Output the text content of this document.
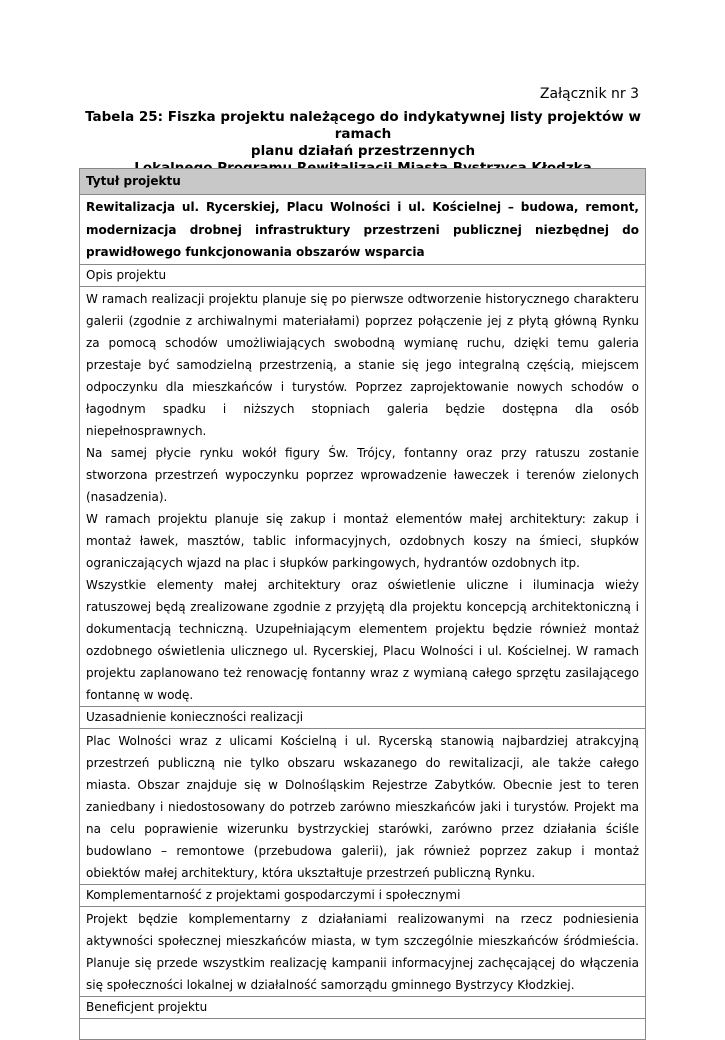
Załącznik nr 3
Tabela 25: Fiszka projektu należącego do indykatywnej listy projektów w ramach
planu działań przestrzennych
Tytuł projektu
Rewitalizacja ul. Rycerskiej, Placu Wolności i ul. Kościelnej – budowa, remont, modernizacja drobnej infrastruktury przestrzeni publicznej niezbędnej do prawidłowego funkcjonowania obszarów wsparcia
Opis projektu

W ramach realizacji projektu planuje się po pierwsze odtworzenie historycznego charakteru galerii (zgodnie z archiwalnymi materiałami) poprzez połączenie jej z płytą główną Rynku za pomocą schodów umożliwiających swobodną wymianę ruchu, dzięki temu galeria przestaje być samodzielną przestrzenią, a stanie się jego integralną częścią, miejscem odpoczynku dla mieszkańców i turystów. Poprzez zaprojektowanie nowych schodów o łagodnym spadku i niższych stopniach galeria będzie dostępna dla osób niepełnosprawnych.

Na samej płycie rynku wokół figury Św. Trójcy, fontanny oraz przy ratuszu zostanie stworzona przestrzeń wypoczynku poprzez wprowadzenie ławeczek i terenów zielonych (nasadzenia).

W ramach projektu planuje się zakup i montaż elementów małej architektury: zakup i montaż ławek, masztów, tablic informacyjnych, ozdobnych koszy na śmieci, słupków ograniczających wjazd na plac i słupków parkingowych, hydrantów ozdobnych itp.

Wszystkie elementy małej architektury oraz oświetlenie uliczne i iluminacja wieży ratuszowej będą zrealizowane zgodnie z przyjętą dla projektu koncepcją architektoniczną i dokumentacją techniczną. Uzupełniającym elementem projektu będzie również montaż ozdobnego oświetlenia ulicznego ul. Rycerskiej, Placu Wolności i ul. Kościelnej. W ramach projektu zaplanowano też renowację fontanny wraz z wymianą całego sprzętu zasilającego fontannę w wodę.

Uzasadnienie konieczności realizacji
Plac Wolności wraz z ulicami Kościelną i ul. Rycerską stanowią najbardziej atrakcyjną przestrzeń publiczną nie tylko obszaru wskazanego do rewitalizacji, ale także całego miasta. Obszar znajduje się w Dolnośląskim Rejestrze Zabytków. Obecnie jest to teren zaniedbany i niedostosowany do potrzeb zarówno mieszkańców jaki i turystów. Projekt ma na celu poprawienie wizerunku bystrzyckiej starówki, zarówno przez działania ściśle budowlano – remontowe (przebudowa galerii), jak również poprzez zakup i montaż obiektów małej architektury, która ukształtuje przestrzeń publiczną Rynku.
Komplementarność z projektami gospodarczymi i społecznymi
Projekt będzie komplementarny z działaniami realizowanymi na rzecz podniesienia aktywności społecznej mieszkańców miasta, w tym szczególnie mieszkańców śródmieścia. Planuje się przede wszystkim realizację kampanii informacyjnej zachęcającej do włączenia się społeczności lokalnej w działalność samorządu gminnego Bystrzycy Kłodzkiej.
Beneficjent projektu
